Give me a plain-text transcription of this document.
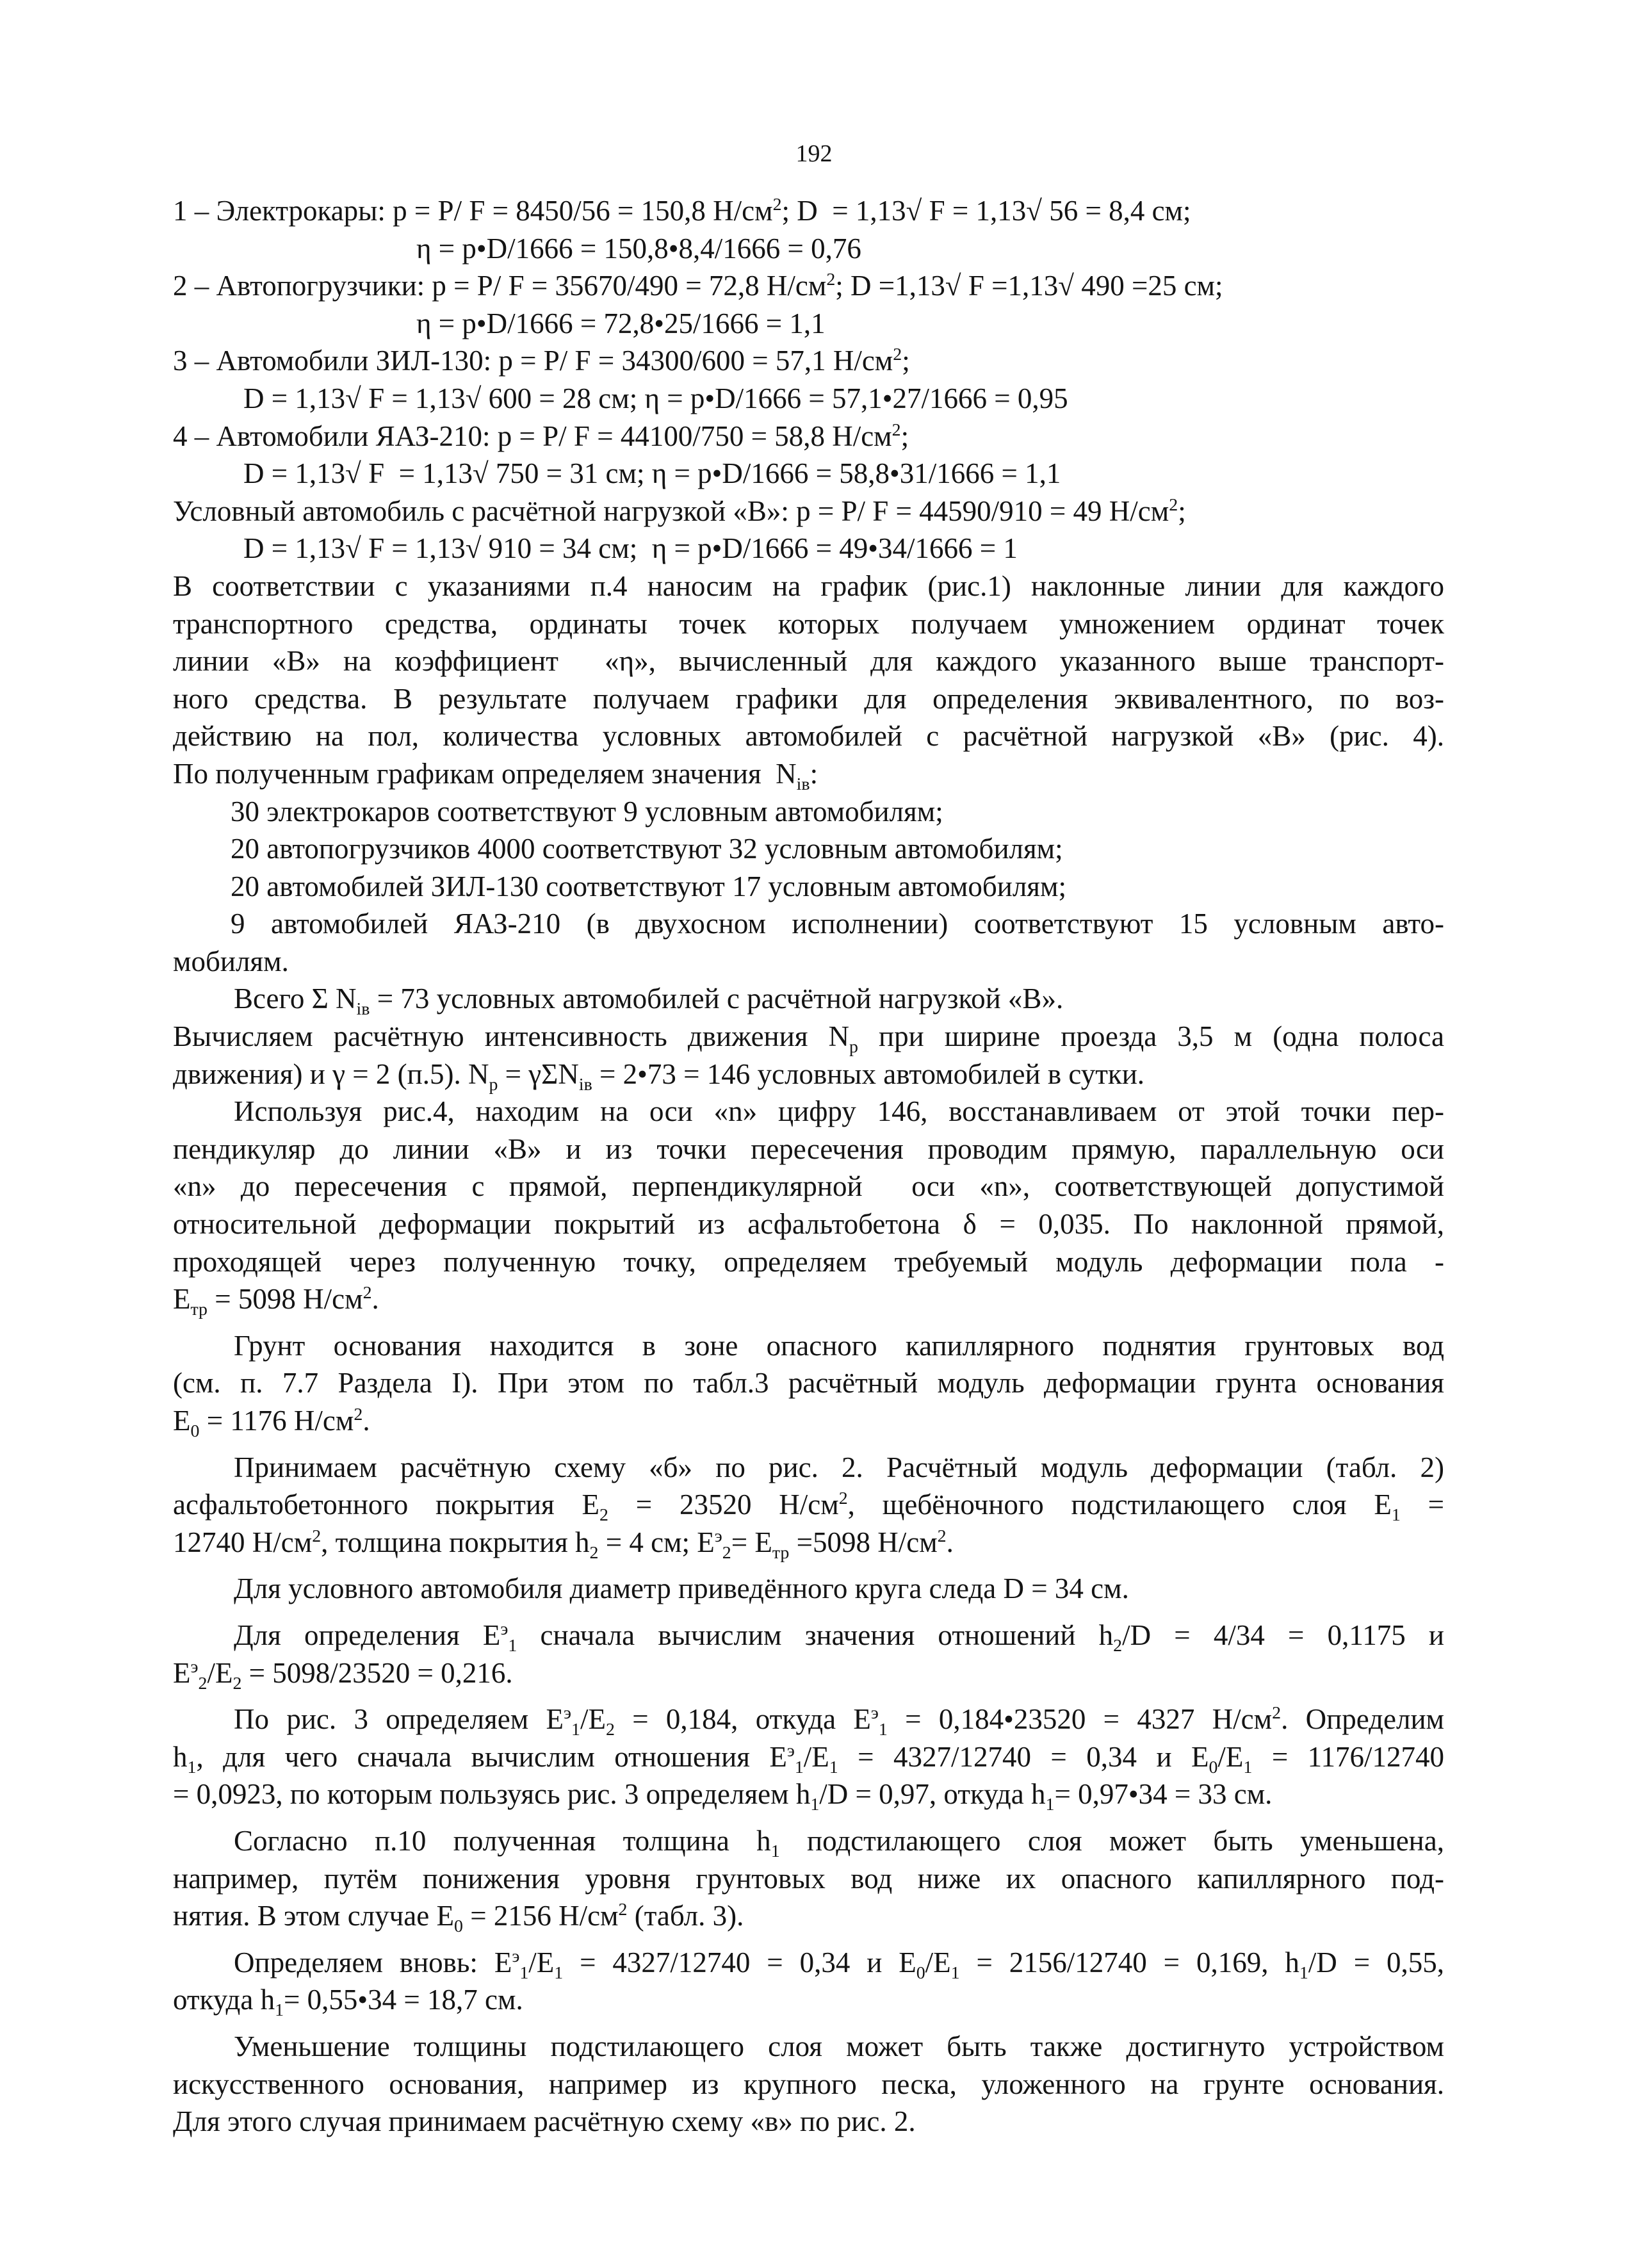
192
1 – Электрокары: p = P/ F = 8450/56 = 150,8 $Н/см^2$; D  = 1,13√ F = 1,13√ 56 = 8,4 см;
η = p•D/1666 = 150,8•8,4/1666 = 0,76
2 – Автопогрузчики: p = P/ F = 35670/490 = 72,8 $Н/см^2$; D =1,13√ F =1,13√ 490 =25 см;
η = p•D/1666 = 72,8•25/1666 = 1,1
3 – Автомобили ЗИЛ-130: p = P/ F = 34300/600 = 57,1 $Н/см^2$;
D = 1,13√ F = 1,13√ 600 = 28 см; η = p•D/1666 = 57,1•27/1666 = 0,95
4 – Автомобили ЯАЗ-210: p = P/ F = 44100/750 = 58,8 $Н/см^2$;
D = 1,13√ F  = 1,13√ 750 = 31 см; η = p•D/1666 = 58,8•31/1666 = 1,1
Условный автомобиль с расчётной нагрузкой «В»: p = P/ F = 44590/910 = 49 $Н/см^2$;
D = 1,13√ F = 1,13√ 910 = 34 см;  η = p•D/1666 = 49•34/1666 = 1
В соответствии с указаниями п.4 наносим на график (рис.1) наклонные линии для каждого
транспортного средства, ординаты точек которых получаем умножением ординат точек
линии «В» на коэффициент  «η», вычисленный для каждого указанного выше транспорт-
ного средства. В результате получаем графики для определения эквивалентного, по воз-
действию на пол, количества условных автомобилей с расчётной нагрузкой «В» (рис. 4).
По полученным графикам определяем значения  $N_{iв}$:
30 электрокаров соответствуют 9 условным автомобилям;
20 автопогрузчиков 4000 соответствуют 32 условным автомобилям;
20 автомобилей ЗИЛ-130 соответствуют 17 условным автомобилям;
9 автомобилей ЯАЗ-210 (в двухосном исполнении) соответствуют 15 условным авто-
мобилям.
Всего Σ $N_{iв} = 73$ условных автомобилей с расчётной нагрузкой «В».
Вычисляем расчётную интенсивность движения $N_p$ при ширине проезда 3,5 м (одна полоса
движения) и γ = 2 (п.5). $N_p = \gamma\Sigma N_{iв}$ = 2•73 = 146 условных автомобилей в сутки.
Используя рис.4, находим на оси «n» цифру 146, восстанавливаем от этой точки пер-
пендикуляр до линии «В» и из точки пересечения проводим прямую, параллельную оси
«n» до пересечения с прямой, перпендикулярной  оси «n», соответствующей допустимой
относительной деформации покрытий из асфальтобетона δ = 0,035. По наклонной прямой,
проходящей через полученную точку, определяем требуемый модуль деформации пола -
$E_{тр} = 5098$ $Н/см^2$.
Грунт основания находится в зоне опасного капиллярного поднятия грунтовых вод
(см. п. 7.7 Раздела I). При этом по табл.3 расчётный модуль деформации грунта основания
$E_0 = 1176$ $Н/см^2$.
Принимаем расчётную схему «б» по рис. 2. Расчётный модуль деформации (табл. 2)
асфальтобетонного покрытия $E_2 = 23520$ $Н/см^2$, щебёночного подстилающего слоя $E_1$ =
12740 $Н/см^2$, толщина покрытия $h_2 = 4$ см; $E^э_2= E_{тр} =5098$ $Н/см^2$.
Для условного автомобиля диаметр приведённого круга следа D = 34 см.
Для определения $E^э_1$ сначала вычислим значения отношений $h_2/D = 4/34 = 0,1175$ и
$E^э_2/E_2 = 5098/23520 = 0,216$.
По рис. 3 определяем $E^э_1/E_2 = 0,184$, откуда $E^э_1$ = 0,184•23520 = 4327 $Н/см^2$. Определим
$h_1$, для чего сначала вычислим отношения $E^э_1/E_1 = 4327/12740 = 0,34$ и $E_0/E_1 = 1176/12740$
= 0,0923, по которым пользуясь рис. 3 определяем $h_1/D = 0,97$, откуда $h_1=$ 0,97•34 = 33 см.
Согласно п.10 полученная толщина $h_1$ подстилающего слоя может быть уменьшена,
например, путём понижения уровня грунтовых вод ниже их опасного капиллярного под-
нятия. В этом случае $E_0 = 2156$ $Н/см^2$ (табл. 3).
Определяем вновь: $E^э_1/E_1 = 4327/12740 = 0,34$ и $E_0/E_1 = 2156/12740 = 0,169$, $h_1/D = 0,55$,
откуда $h_1=$ 0,55•34 = 18,7 см.
Уменьшение толщины подстилающего слоя может быть также достигнуто устройством
искусственного основания, например из крупного песка, уложенного на грунте основания.
Для этого случая принимаем расчётную схему «в» по рис. 2.
